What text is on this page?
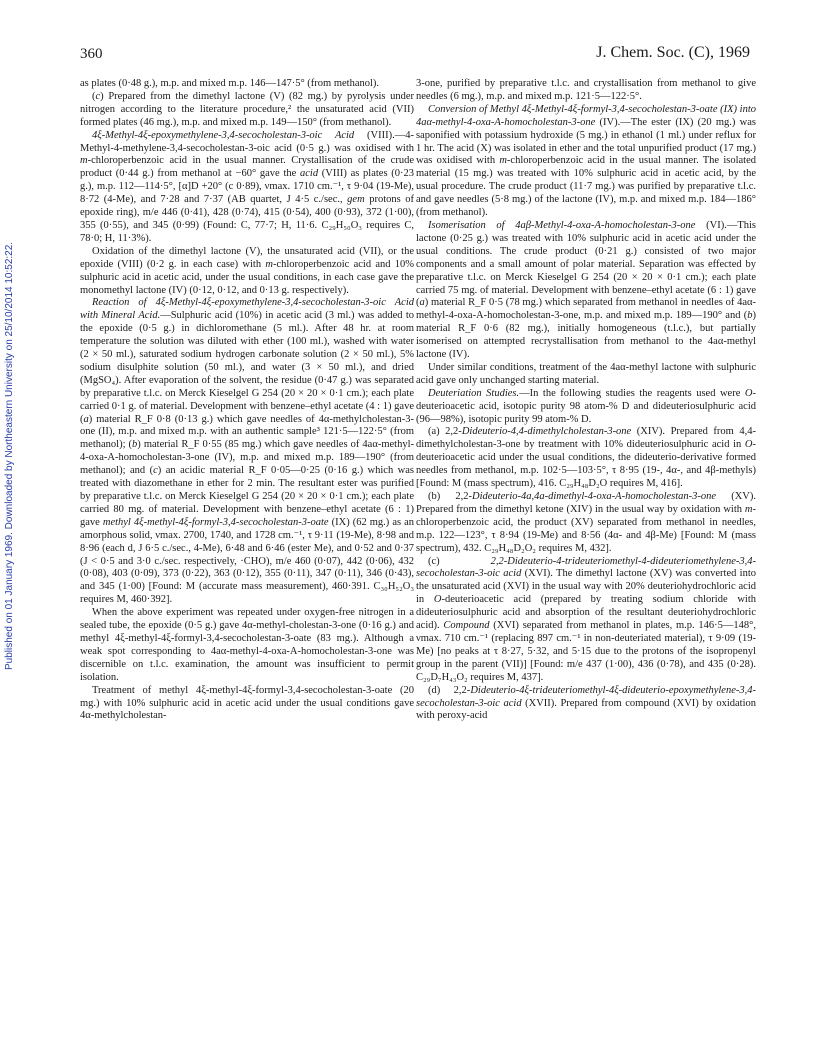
360	J. Chem. Soc. (C), 1969
Published on 01 January 1969. Downloaded by Northeastern University on 25/10/2014 10:52:22.

as plates (0·48 g.), m.p. and mixed m.p. 146—147·5° (from methanol).

(c) Prepared from the dimethyl lactone (V) (82 mg.) by pyrolysis under nitrogen according to the literature procedure,² the unsaturated acid (VII) formed plates (46 mg.), m.p. and mixed m.p. 149—150° (from methanol).

4ξ-Methyl-4ξ-epoxymethylene-3,4-secocholestan-3-oic Acid (VIII).—4-Methyl-4-methylene-3,4-secocholestan-3-oic acid (0·5 g.) was oxidised with m-chloroperbenzoic acid in the usual manner. Crystallisation of the crude product (0·44 g.) from methanol at −60° gave the acid (VIII) as plates (0·23 g.), m.p. 112—114·5°, [α]D +20° (c 0·89), νmax. 1710 cm.⁻¹, τ 9·04 (19-Me), 8·72 (4-Me), and 7·28 and 7·37 (AB quartet, J 4·5 c./sec., gem protons of epoxide ring), m/e 446 (0·41), 428 (0·74), 415 (0·54), 400 (0·93), 372 (1·00), 355 (0·55), and 345 (0·99) (Found: C, 77·7; H, 11·6. C₂₉H₅₀O₃ requires C, 78·0; H, 11·3%).

Oxidation of the dimethyl lactone (V), the unsaturated acid (VII), or the epoxide (VIII) (0·2 g. in each case) with m-chloroperbenzoic acid and 10% sulphuric acid in acetic acid, under the usual conditions, in each case gave the monomethyl lactone (IV) (0·12, 0·12, and 0·13 g. respectively).

Reaction of 4ξ-Methyl-4ξ-epoxymethylene-3,4-secocholestan-3-oic Acid with Mineral Acid.—Sulphuric acid (10%) in acetic acid (3 ml.) was added to the epoxide (0·5 g.) in dichloromethane (5 ml.). After 48 hr. at room temperature the solution was diluted with ether (100 ml.), washed with water (2 × 50 ml.), saturated sodium hydrogen carbonate solution (2 × 50 ml.), 5% sodium disulphite solution (50 ml.), and water (3 × 50 ml.), and dried (MgSO₄). After evaporation of the solvent, the residue (0·47 g.) was separated by preparative t.l.c. on Merck Kieselgel G 254 (20 × 20 × 0·1 cm.); each plate carried 0·1 g. of material. Development with benzene–ethyl acetate (4 : 1) gave (a) material R_F 0·8 (0·13 g.) which gave needles of 4α-methylcholestan-3-one (II), m.p. and mixed m.p. with an authentic sample³ 121·5—122·5° (from methanol); (b) material R_F 0·55 (85 mg.) which gave needles of 4aα-methyl-4-oxa-A-homocholestan-3-one (IV), m.p. and mixed m.p. 189—190° (from methanol); and (c) an acidic material R_F 0·05—0·25 (0·16 g.) which was treated with diazomethane in ether for 2 min. The resultant ester was purified by preparative t.l.c. on Merck Kieselgel G 254 (20 × 20 × 0·1 cm.); each plate carried 80 mg. of material. Development with benzene–ethyl acetate (6 : 1) gave methyl 4ξ-methyl-4ξ-formyl-3,4-secocholestan-3-oate (IX) (62 mg.) as an amorphous solid, νmax. 2700, 1740, and 1728 cm.⁻¹, τ 9·11 (19-Me), 8·98 and 8·96 (each d, J 6·5 c./sec., 4-Me), 6·48 and 6·46 (ester Me), and 0·52 and 0·37 (J < 0·5 and 3·0 c./sec. respectively, ·CHO), m/e 460 (0·07), 442 (0·06), 432 (0·08), 403 (0·09), 373 (0·22), 363 (0·12), 355 (0·11), 347 (0·11), 346 (0·43), and 345 (1·00) [Found: M (accurate mass measurement), 460·391. C₃₀H₅₂O₃ requires M, 460·392].

When the above experiment was repeated under oxygen-free nitrogen in a sealed tube, the epoxide (0·5 g.) gave 4α-methyl-cholestan-3-one (0·16 g.) and methyl 4ξ-methyl-4ξ-formyl-3,4-secocholestan-3-oate (83 mg.). Although a weak spot corresponding to 4aα-methyl-4-oxa-A-homocholestan-3-one was discernible on t.l.c. examination, the amount was insufficient to permit isolation.

Treatment of methyl 4ξ-methyl-4ξ-formyl-3,4-secocholestan-3-oate (20 mg.) with 10% sulphuric acid in acetic acid under the usual conditions gave 4α-methylcholestan-

3-one, purified by preparative t.l.c. and crystallisation from methanol to give needles (6 mg.), m.p. and mixed m.p. 121·5—122·5°.

Conversion of Methyl 4ξ-Methyl-4ξ-formyl-3,4-secocholestan-3-oate (IX) into 4aα-methyl-4-oxa-A-homocholestan-3-one (IV).—The ester (IX) (20 mg.) was saponified with potassium hydroxide (5 mg.) in ethanol (1 ml.) under reflux for 1 hr. The acid (X) was isolated in ether and the total unpurified product (17 mg.) was oxidised with m-chloroperbenzoic acid in the usual manner. The isolated material (15 mg.) was treated with 10% sulphuric acid in acetic acid, by the usual procedure. The crude product (11·7 mg.) was purified by preparative t.l.c. and gave needles (5·8 mg.) of the lactone (IV), m.p. and mixed m.p. 184—186° (from methanol).

Isomerisation of 4aβ-Methyl-4-oxa-A-homocholestan-3-one (VI).—This lactone (0·25 g.) was treated with 10% sulphuric acid in acetic acid under the usual conditions. The crude product (0·21 g.) consisted of two major components and a small amount of polar material. Separation was effected by preparative t.l.c. on Merck Kieselgel G 254 (20 × 20 × 0·1 cm.); each plate carried 75 mg. of material. Development with benzene–ethyl acetate (6 : 1) gave (a) material R_F 0·5 (78 mg.) which separated from methanol in needles of 4aα-methyl-4-oxa-A-homocholestan-3-one, m.p. and mixed m.p. 189—190° and (b) material R_F 0·6 (82 mg.), initially homogeneous (t.l.c.), but partially isomerised on attempted recrystallisation from methanol to the 4aα-methyl lactone (IV).

Under similar conditions, treatment of the 4aα-methyl lactone with sulphuric acid gave only unchanged starting material.

Deuteriation Studies.—In the following studies the reagents used were O-deuterioacetic acid, isotopic purity 98 atom-% D and dideuteriosulphuric acid (96—98%), isotopic purity 99 atom-% D.

(a) 2,2-Dideuterio-4,4-dimethylcholestan-3-one (XIV). Prepared from 4,4-dimethylcholestan-3-one by treatment with 10% dideuteriosulphuric acid in O-deuterioacetic acid under the usual conditions, the dideuterio-derivative formed needles from methanol, m.p. 102·5—103·5°, τ 8·95 (19-, 4α-, and 4β-methyls) [Found: M (mass spectrum), 416. C₂₉H₄₈D₂O requires M, 416].

(b) 2,2-Dideuterio-4a,4a-dimethyl-4-oxa-A-homocholestan-3-one (XV). Prepared from the dimethyl ketone (XIV) in the usual way by oxidation with m-chloroperbenzoic acid, the product (XV) separated from methanol in needles, m.p. 122—123°, τ 8·94 (19-Me) and 8·56 (4α- and 4β-Me) [Found: M (mass spectrum), 432. C₂₉H₄₈D₂O₂ requires M, 432].

(c) 2,2-Dideuterio-4-trideuteriomethyl-4-dideuteriomethylene-3,4-secocholestan-3-oic acid (XVI). The dimethyl lactone (XV) was converted into the unsaturated acid (XVI) in the usual way with 20% deuteriohydrochloric acid in O-deuterioacetic acid (prepared by treating sodium chloride with dideuteriosulphuric acid and absorption of the resultant deuteriohydrochloric acid). Compound (XVI) separated from methanol in plates, m.p. 146·5—148°, νmax. 710 cm.⁻¹ (replacing 897 cm.⁻¹ in non-deuteriated material), τ 9·09 (19-Me) [no peaks at τ 8·27, 5·32, and 5·15 due to the protons of the isopropenyl group in the parent (VII)] [Found: m/e 437 (1·00), 436 (0·78), and 435 (0·28). C₂₉D₇H₄₃O₂ requires M, 437].

(d) 2,2-Dideuterio-4ξ-trideuteriomethyl-4ξ-dideuterio-epoxymethylene-3,4-secocholestan-3-oic acid (XVII). Prepared from compound (XVI) by oxidation with peroxy-acid
